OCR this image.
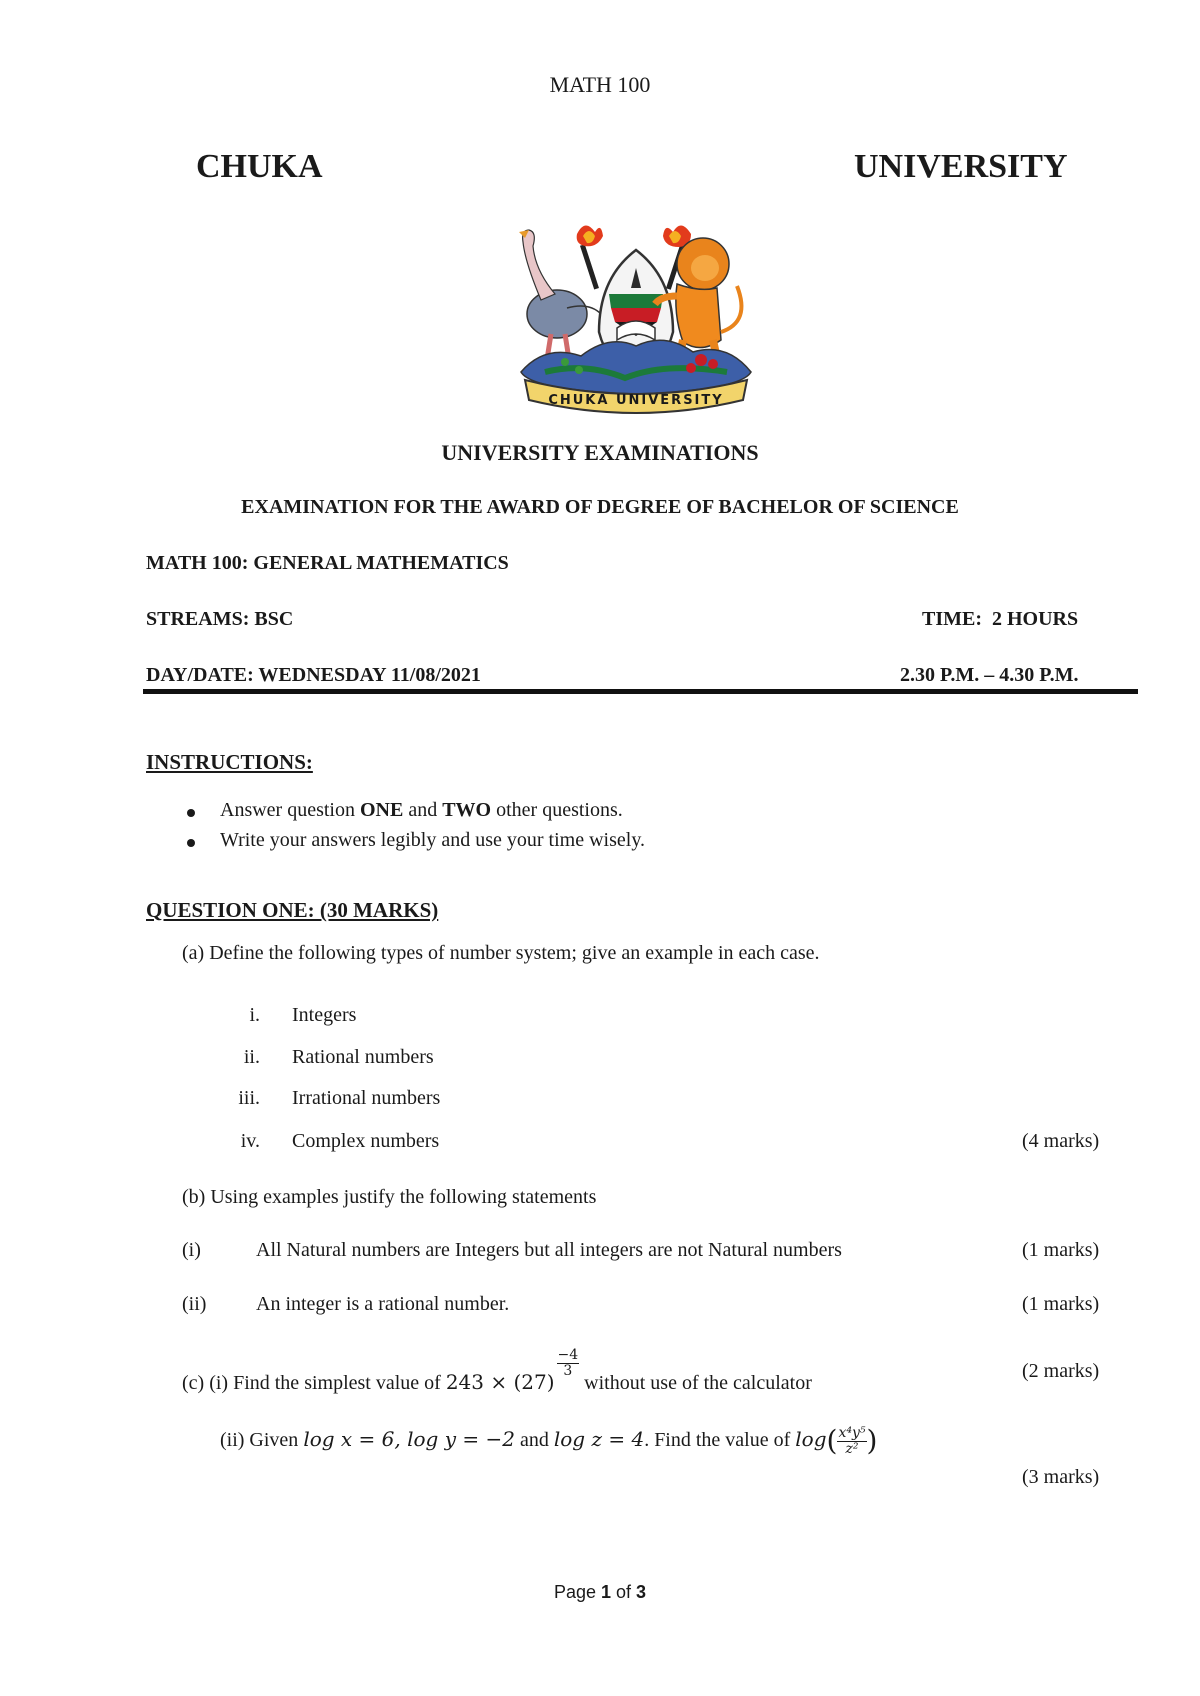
MATH 100
CHUKA	UNIVERSITY
CHUKA UNIVERSITY
UNIVERSITY EXAMINATIONS
EXAMINATION FOR THE AWARD OF DEGREE OF BACHELOR OF SCIENCE
MATH 100: GENERAL MATHEMATICS
STREAMS: BSC	TIME:  2 HOURS
DAY/DATE: WEDNESDAY 11/08/2021	2.30 P.M. – 4.30 P.M.
INSTRUCTIONS:
Answer question ONE and TWO other questions.
Write your answers legibly and use your time wisely.
QUESTION ONE: (30 MARKS)
(a) Define the following types of number system; give an example in each case.
i. Integers
ii. Rational numbers
iii. Irrational numbers
iv. Complex numbers	(4 marks)
(b) Using examples justify the following statements
(i)	All Natural numbers are Integers but all integers are not Natural numbers	(1 marks)
(ii) An integer is a rational number.	(1 marks)
(c) (i) Find the simplest value of 243 × (27)
$\frac{-4}{3}$
without use of the calculator
(2 marks)
(ii) Given log x = 6, log y = −2 and log z = 4. Find the value of $\log( \frac{\text{x⁴y⁵}}{\text{z²}}$ )
(3 marks)
Page 1 of 3
